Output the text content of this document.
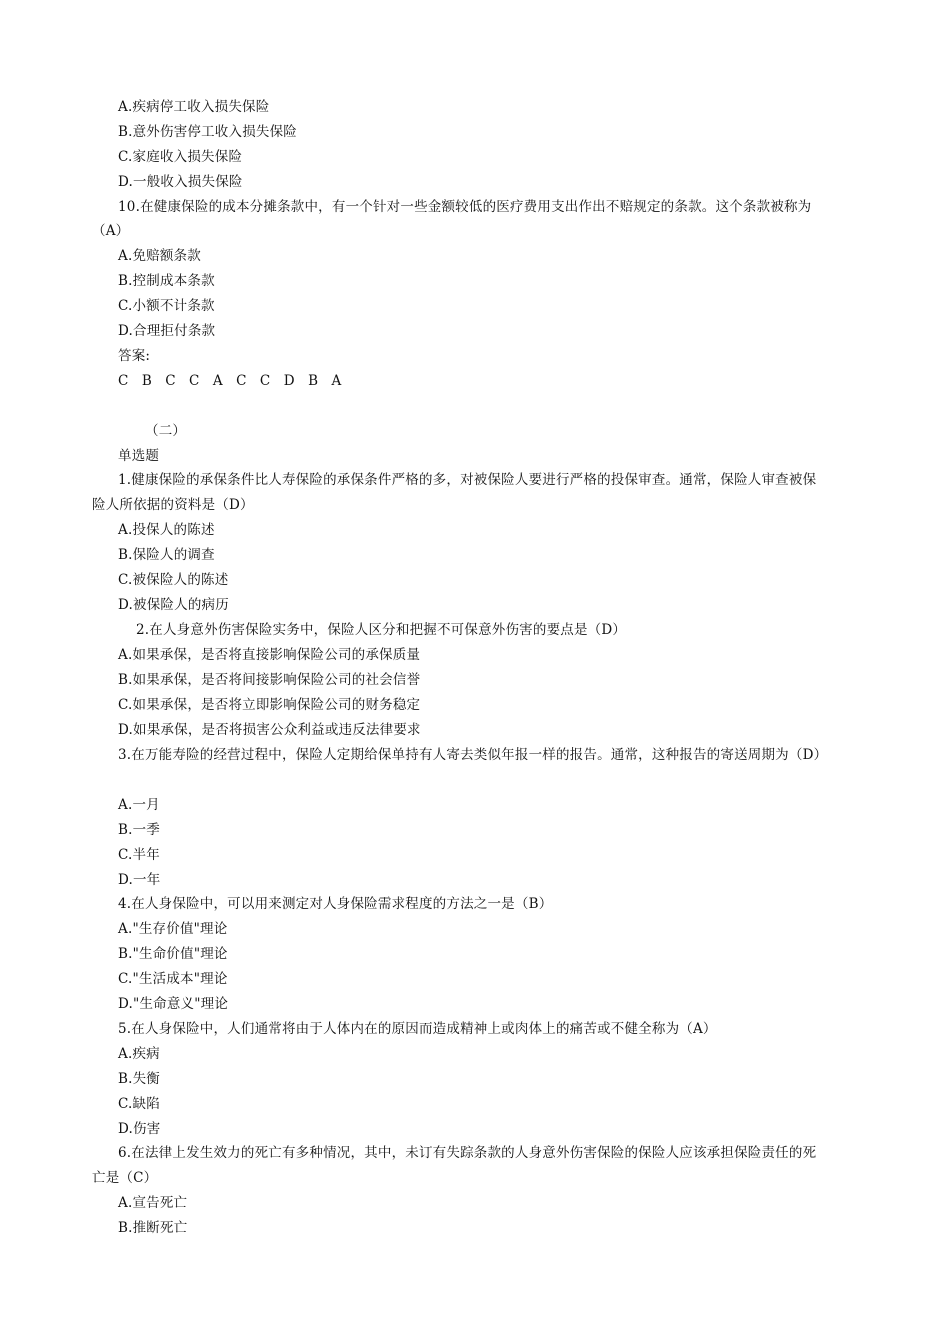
A.疾病停工收入损失保险
B.意外伤害停工收入损失保险
C.家庭收入损失保险
D.一般收入损失保险
10.在健康保险的成本分摊条款中，有一个针对一些金额较低的医疗费用支出作出不赔规定的条款。这个条款被称为
（A）
A.免赔额条款
B.控制成本条款
C.小额不计条款
D.合理拒付条款
答案:
C B C C A C C D B A
（二）
单选题
1.健康保险的承保条件比人寿保险的承保条件严格的多，对被保险人要进行严格的投保审查。通常，保险人审查被保
险人所依据的资料是（D）
A.投保人的陈述
B.保险人的调查
C.被保险人的陈述
D.被保险人的病历
2.在人身意外伤害保险实务中，保险人区分和把握不可保意外伤害的要点是（D）
A.如果承保，是否将直接影响保险公司的承保质量
B.如果承保，是否将间接影响保险公司的社会信誉
C.如果承保，是否将立即影响保险公司的财务稳定
D.如果承保，是否将损害公众利益或违反法律要求
3.在万能寿险的经营过程中，保险人定期给保单持有人寄去类似年报一样的报告。通常，这种报告的寄送周期为（D）
A.一月
B.一季
C.半年
D.一年
4.在人身保险中，可以用来测定对人身保险需求程度的方法之一是（B）
A."生存价值"理论
B."生命价值"理论
C."生活成本"理论
D."生命意义"理论
5.在人身保险中，人们通常将由于人体内在的原因而造成精神上或肉体上的痛苦或不健全称为（A）
A.疾病
B.失衡
C.缺陷
D.伤害
6.在法律上发生效力的死亡有多种情况，其中，未订有失踪条款的人身意外伤害保险的保险人应该承担保险责任的死
亡是（C）
A.宣告死亡
B.推断死亡
